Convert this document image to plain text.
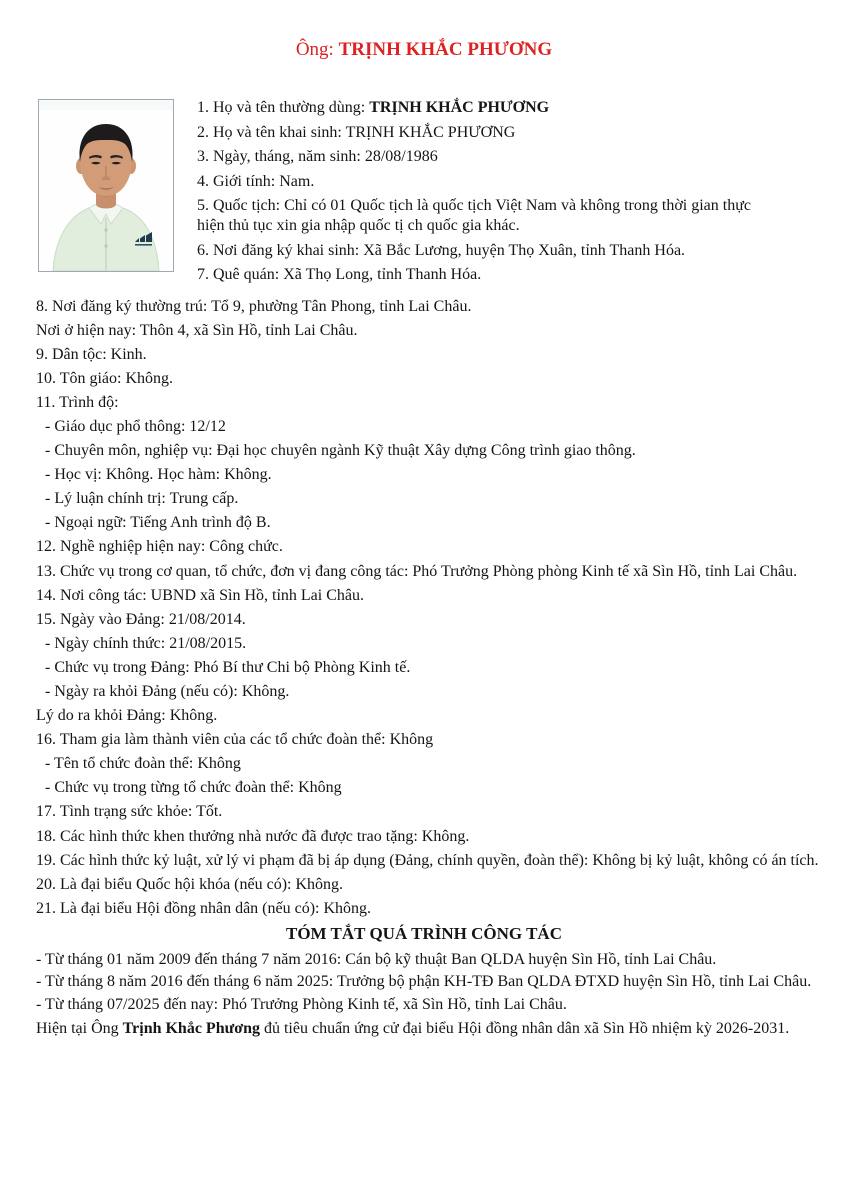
Ông: TRỊNH KHẮC PHƯƠNG

1. Họ và tên thường dùng: TRỊNH KHẮC PHƯƠNG

2. Họ và tên khai sinh: TRỊNH KHẮC PHƯƠNG

3. Ngày, tháng, năm sinh: 28/08/1986

4. Giới tính: Nam.

5. Quốc tịch: Chỉ có 01 Quốc tịch là quốc tịch Việt Nam và không trong thời gian thực hiện thủ tục xin gia nhập quốc tị ch quốc gia khác.

6. Nơi đăng ký khai sinh: Xã Bắc Lương, huyện Thọ Xuân, tỉnh Thanh Hóa.

7. Quê quán: Xã Thọ Long, tỉnh Thanh Hóa.

8. Nơi đăng ký thường trú: Tổ 9, phường Tân Phong, tỉnh Lai Châu.

Nơi ở hiện nay: Thôn 4, xã Sìn Hồ, tỉnh Lai Châu.

9. Dân tộc: Kinh.

10. Tôn giáo: Không.

11. Trình độ:

- Giáo dục phổ thông: 12/12

- Chuyên môn, nghiệp vụ: Đại học chuyên ngành Kỹ thuật Xây dựng Công trình giao thông.

- Học vị: Không. Học hàm: Không.

- Lý luận chính trị: Trung cấp.

- Ngoại ngữ: Tiếng Anh trình độ B.

12. Nghề nghiệp hiện nay: Công chức.

13. Chức vụ trong cơ quan, tổ chức, đơn vị đang công tác: Phó Trưởng Phòng phòng Kinh tế xã Sìn Hồ, tỉnh Lai Châu.

14. Nơi công tác: UBND xã Sìn Hồ, tỉnh Lai Châu.

15. Ngày vào Đảng: 21/08/2014.

- Ngày chính thức: 21/08/2015.

- Chức vụ trong Đảng: Phó Bí thư Chi bộ Phòng Kinh tế.

- Ngày ra khỏi Đảng (nếu có): Không.

Lý do ra khỏi Đảng: Không.

16. Tham gia làm thành viên của các tổ chức đoàn thể: Không

- Tên tổ chức đoàn thể: Không

- Chức vụ trong từng tổ chức đoàn thể: Không

17. Tình trạng sức khỏe: Tốt.

18. Các hình thức khen thưởng nhà nước đã được trao tặng: Không.

19. Các hình thức kỷ luật, xử lý vi phạm đã bị áp dụng (Đảng, chính quyền, đoàn thể): Không bị kỷ luật, không có án tích.

20. Là đại biểu Quốc hội khóa (nếu có): Không.

21. Là đại biểu Hội đồng nhân dân (nếu có): Không.

TÓM TẮT QUÁ TRÌNH CÔNG TÁC

- Từ tháng 01 năm 2009 đến tháng 7 năm 2016: Cán bộ kỹ thuật Ban QLDA huyện Sìn Hồ, tỉnh Lai Châu.

- Từ tháng 8 năm 2016 đến tháng 6 năm 2025: Trưởng bộ phận KH-TĐ Ban QLDA ĐTXD huyện Sìn Hồ, tỉnh Lai Châu.

- Từ tháng 07/2025 đến nay: Phó Trưởng Phòng Kinh tế, xã Sìn Hồ, tỉnh Lai Châu.

Hiện tại Ông Trịnh Khắc Phương đủ tiêu chuẩn ứng cử đại biểu Hội đồng nhân dân xã Sìn Hồ nhiệm kỳ 2026-2031.
